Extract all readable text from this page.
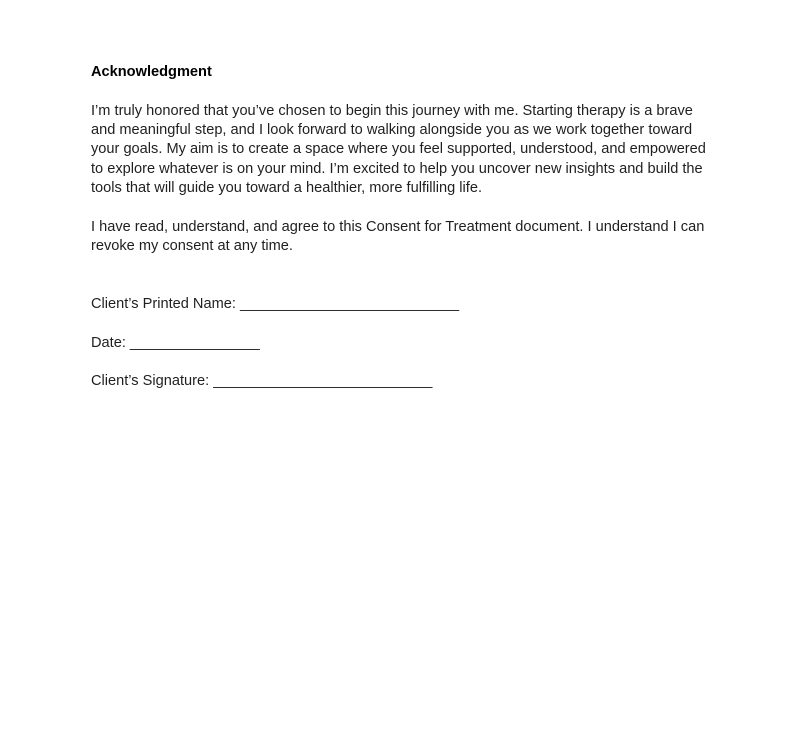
Acknowledgment

I’m truly honored that you’ve chosen to begin this journey with me. Starting therapy is a brave and meaningful step, and I look forward to walking alongside you as we work together toward your goals. My aim is to create a space where you feel supported, understood, and empowered to explore whatever is on your mind. I’m excited to help you uncover new insights and build the tools that will guide you toward a healthier, more fulfilling life.

I have read, understand, and agree to this Consent for Treatment document. I understand I can revoke my consent at any time.

Client’s Printed Name: ___________________________

Date: ________________

Client’s Signature: ___________________________
